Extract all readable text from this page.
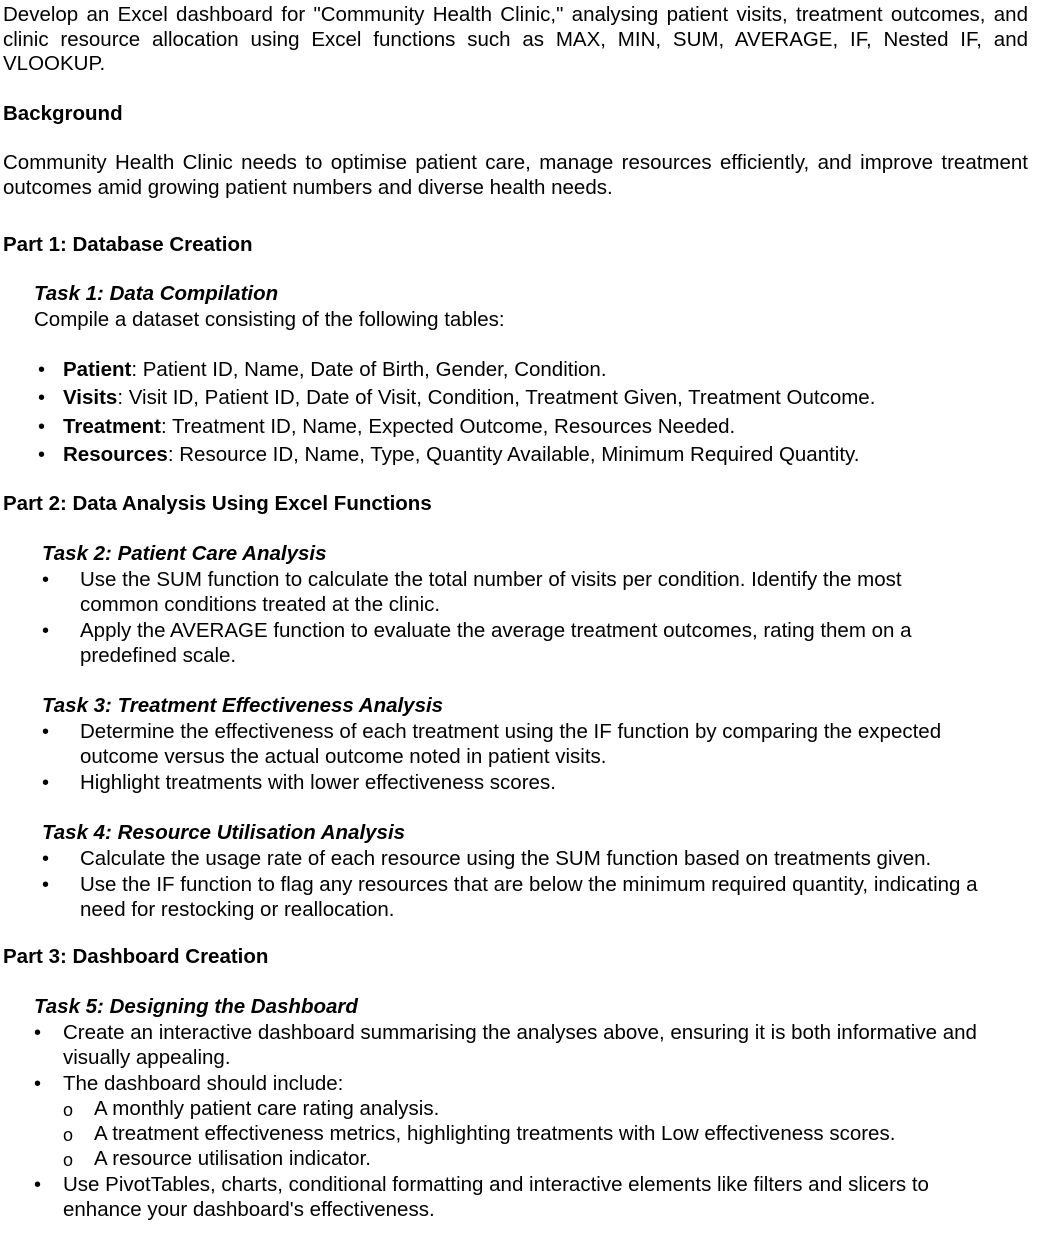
Develop an Excel dashboard for "Community Health Clinic," analysing patient visits, treatment outcomes, and clinic resource allocation using Excel functions such as MAX, MIN, SUM, AVERAGE, IF, Nested IF, and VLOOKUP.
Background
Community Health Clinic needs to optimise patient care, manage resources efficiently, and improve treatment outcomes amid growing patient numbers and diverse health needs.
Part 1: Database Creation
Task 1: Data Compilation
Compile a dataset consisting of the following tables:
• Patient: Patient ID, Name, Date of Birth, Gender, Condition.
• Visits: Visit ID, Patient ID, Date of Visit, Condition, Treatment Given, Treatment Outcome.
• Treatment: Treatment ID, Name, Expected Outcome, Resources Needed.
• Resources: Resource ID, Name, Type, Quantity Available, Minimum Required Quantity.
Part 2: Data Analysis Using Excel Functions
Task 2: Patient Care Analysis
• Use the SUM function to calculate the total number of visits per condition. Identify the most
common conditions treated at the clinic.
• Apply the AVERAGE function to evaluate the average treatment outcomes, rating them on a
predefined scale.
Task 3: Treatment Effectiveness Analysis
• Determine the effectiveness of each treatment using the IF function by comparing the expected
outcome versus the actual outcome noted in patient visits.
• Highlight treatments with lower effectiveness scores.
Task 4: Resource Utilisation Analysis
• Calculate the usage rate of each resource using the SUM function based on treatments given.
• Use the IF function to flag any resources that are below the minimum required quantity, indicating a
need for restocking or reallocation.
Part 3: Dashboard Creation
Task 5: Designing the Dashboard
• Create an interactive dashboard summarising the analyses above, ensuring it is both informative and
visually appealing.
• The dashboard should include:
o A monthly patient care rating analysis.
o A treatment effectiveness metrics, highlighting treatments with Low effectiveness scores.
o A resource utilisation indicator.
• Use PivotTables, charts, conditional formatting and interactive elements like filters and slicers to
enhance your dashboard's effectiveness.
